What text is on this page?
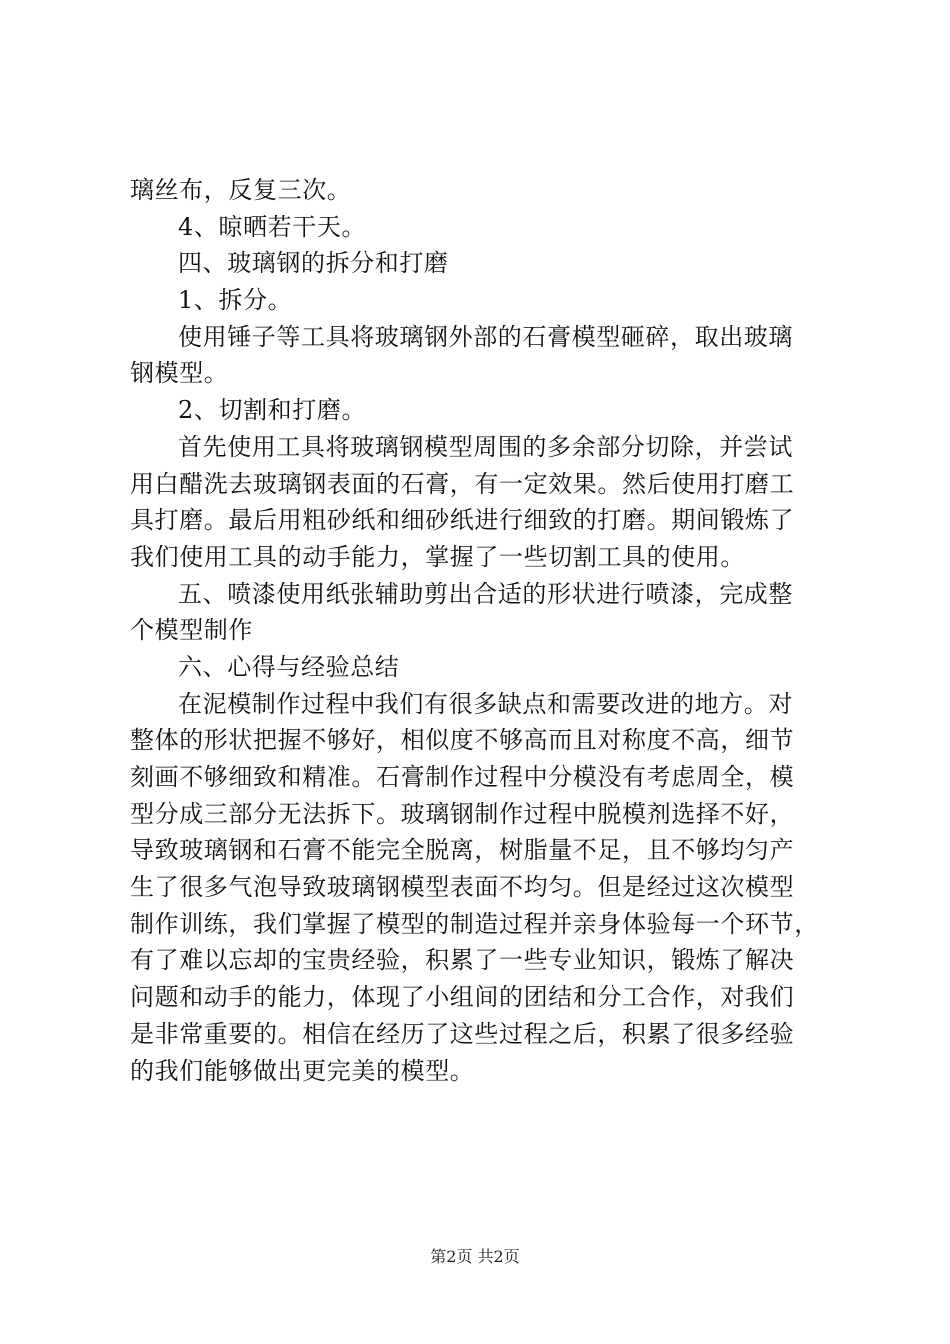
璃丝布，反复三次。
4、晾晒若干天。
四、玻璃钢的拆分和打磨
1、拆分。
使用锤子等工具将玻璃钢外部的石膏模型砸碎，取出玻璃
钢模型。
2、切割和打磨。
首先使用工具将玻璃钢模型周围的多余部分切除，并尝试
用白醋洗去玻璃钢表面的石膏，有一定效果。然后使用打磨工
具打磨。最后用粗砂纸和细砂纸进行细致的打磨。期间锻炼了
我们使用工具的动手能力，掌握了一些切割工具的使用。
五、喷漆使用纸张辅助剪出合适的形状进行喷漆，完成整
个模型制作
六、心得与经验总结
在泥模制作过程中我们有很多缺点和需要改进的地方。对
整体的形状把握不够好，相似度不够高而且对称度不高，细节
刻画不够细致和精准。石膏制作过程中分模没有考虑周全，模
型分成三部分无法拆下。玻璃钢制作过程中脱模剂选择不好，
导致玻璃钢和石膏不能完全脱离，树脂量不足，且不够均匀产
生了很多气泡导致玻璃钢模型表面不均匀。但是经过这次模型
制作训练，我们掌握了模型的制造过程并亲身体验每一个环节，
有了难以忘却的宝贵经验，积累了一些专业知识，锻炼了解决
问题和动手的能力，体现了小组间的团结和分工合作，对我们
是非常重要的。相信在经历了这些过程之后，积累了很多经验
的我们能够做出更完美的模型。
第2页 共2页
